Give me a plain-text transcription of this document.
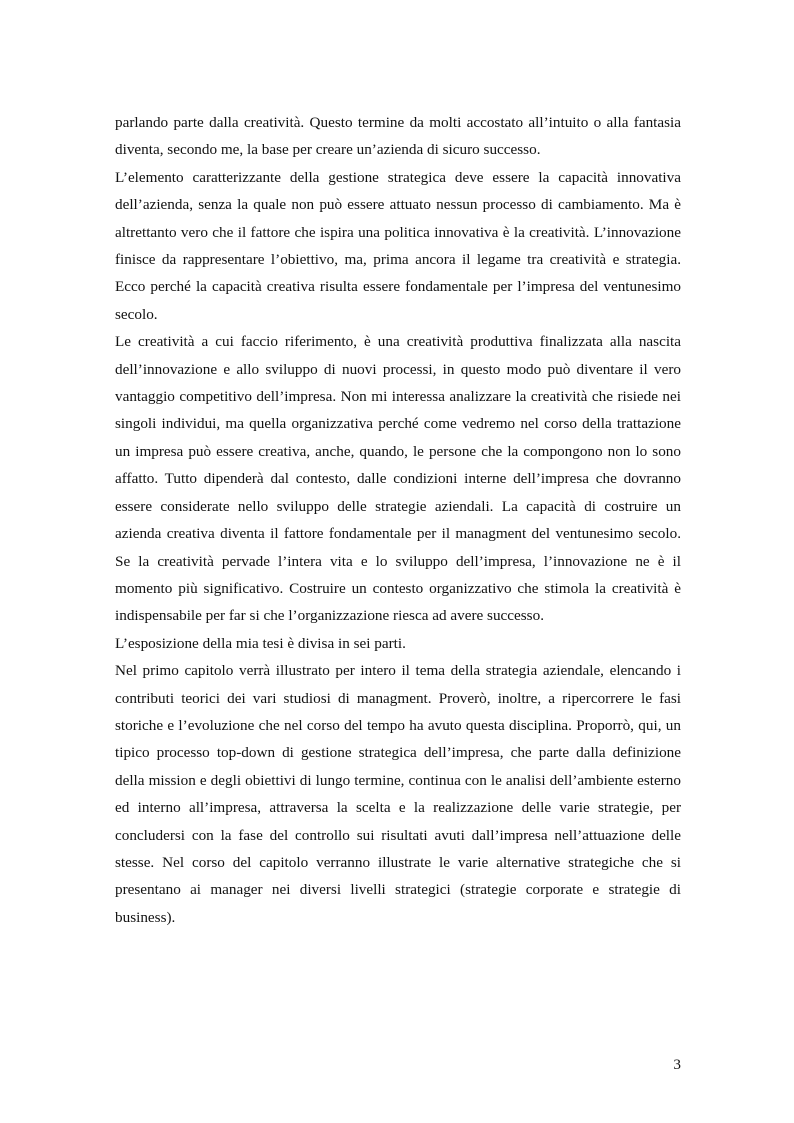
parlando parte dalla creatività. Questo termine da molti accostato all’intuito o alla fantasia diventa, secondo me, la base per creare un’azienda di sicuro successo.

L’elemento caratterizzante della gestione strategica deve essere la capacità innovativa dell’azienda, senza la quale non può essere attuato nessun processo di cambiamento. Ma è altrettanto vero che il fattore che ispira una politica innovativa è la creatività. L’innovazione finisce da rappresentare l’obiettivo, ma, prima ancora il legame tra creatività e strategia. Ecco perché la capacità creativa risulta essere fondamentale per l’impresa del ventunesimo secolo.

Le creatività a cui faccio riferimento, è una creatività produttiva finalizzata alla nascita dell’innovazione e allo sviluppo di nuovi processi, in questo modo può diventare il vero vantaggio competitivo dell’impresa. Non mi interessa analizzare la creatività che risiede nei singoli individui, ma quella organizzativa perché come vedremo nel corso della trattazione un impresa può essere creativa, anche, quando, le persone che la compongono non lo sono affatto. Tutto dipenderà dal contesto, dalle condizioni interne dell’impresa che dovranno essere considerate nello sviluppo delle strategie aziendali. La capacità di costruire un azienda creativa diventa il fattore fondamentale per il managment del ventunesimo secolo. Se la creatività pervade l’intera vita e lo sviluppo dell’impresa, l’innovazione ne è il momento più significativo. Costruire un contesto organizzativo che stimola la creatività è indispensabile per far si che l’organizzazione riesca ad avere successo.

L’esposizione della mia tesi è divisa in sei parti.

Nel primo capitolo verrà illustrato per intero il tema della strategia aziendale, elencando i contributi teorici dei vari studiosi di managment. Proverò, inoltre, a ripercorrere le fasi storiche e l’evoluzione che nel corso del tempo ha avuto questa disciplina. Proporrò, qui, un tipico processo top-down di gestione strategica dell’impresa, che parte dalla definizione della mission e degli obiettivi di lungo termine, continua con le analisi dell’ambiente esterno ed interno all’impresa, attraversa la scelta e la realizzazione delle varie strategie, per concludersi con la fase del controllo sui risultati avuti dall’impresa nell’attuazione delle stesse. Nel corso del capitolo verranno illustrate le varie alternative strategiche che si presentano ai manager nei diversi livelli strategici (strategie corporate e strategie di business).

3
